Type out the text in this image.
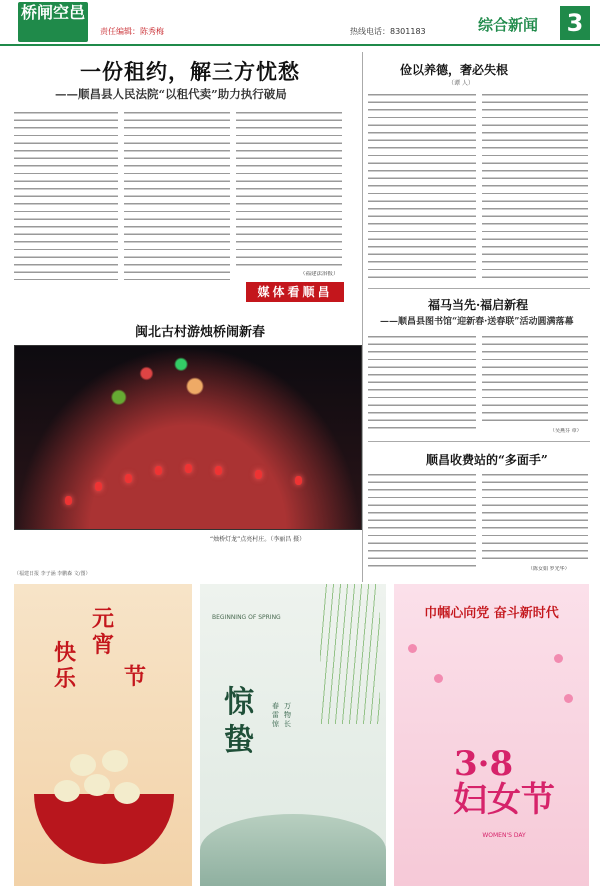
桥闸空邑
责任编辑：陈秀梅	热线电话：8301183	综合新闻 3
一份租约，解三方忧愁
——顺昌县人民法院“以租代卖”助力执行破局
（福建法治报）
媒体看顺昌
闽北古村游烛桥闹新春
“烛桥灯龙”点亮村庄。（李丽昌 摄）
（福建日报 李子涵 李鹏森 文/图）
俭以养德，奢必失根
（谭 人）
福马当先·福启新程
——顺昌县图书馆“迎新春·送春联”活动圆满落幕
（吴燕芬 章）
顺昌收费站的“多面手”
（陈女娟 罗光华）
元宵
快乐 节
BEGINNING OF SPRING
惊蛰
春雷惊
万物长
巾帼心向党 奋斗新时代
3·8
妇女节
WOMEN'S DAY
